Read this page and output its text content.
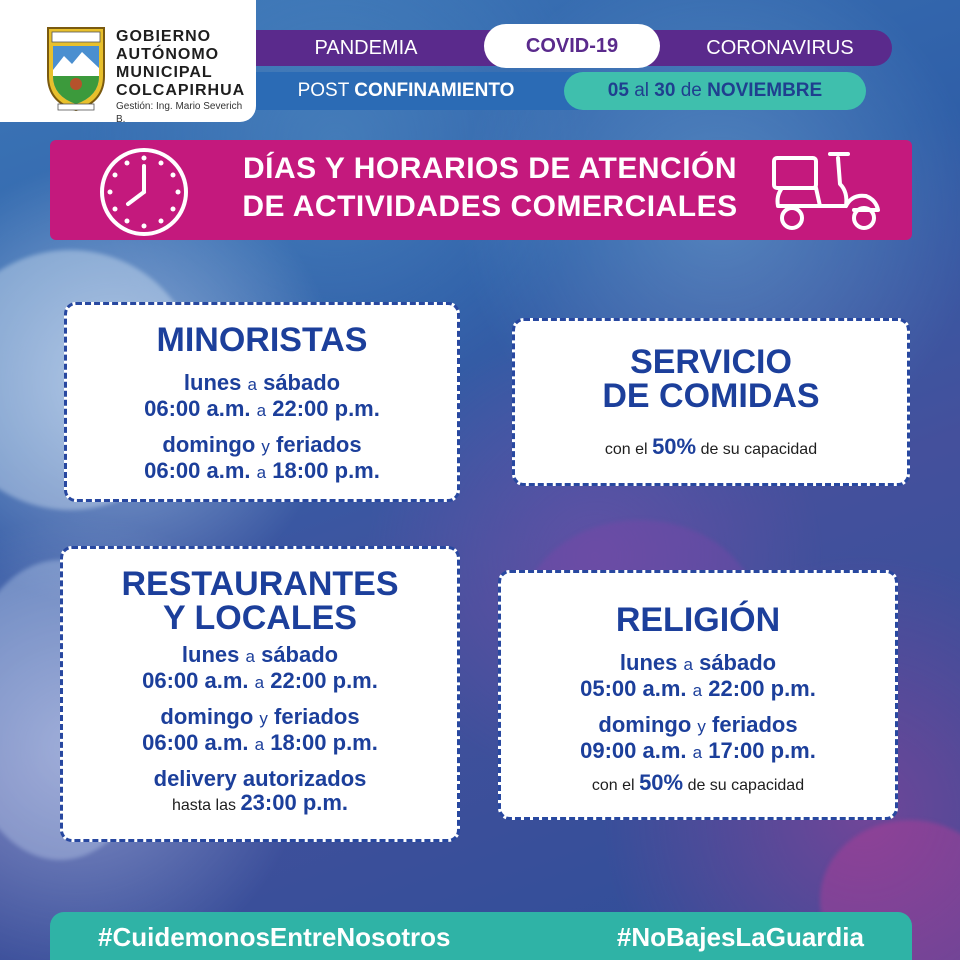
GOBIERNO
AUTÓNOMO
MUNICIPAL
COLCAPIRHUA
Gestión: Ing. Mario Severich B.
PANDEMIA	CORONAVIRUS
COVID-19
POST CONFINAMIENTO	05 al 30 de NOVIEMBRE
DÍAS Y HORARIOS DE ATENCIÓN
DE ACTIVIDADES COMERCIALES
MINORISTAS
lunes a sábado
06:00 a.m. a 22:00 p.m.
domingo y feriados
06:00 a.m. a 18:00 p.m.
SERVICIO
DE COMIDAS
con el 50% de su capacidad
RESTAURANTES
Y LOCALES
lunes a sábado
06:00 a.m. a 22:00 p.m.
domingo y feriados
06:00 a.m. a 18:00 p.m.
delivery autorizados
hasta las 23:00 p.m.
RELIGIÓN
lunes a sábado
05:00 a.m. a 22:00 p.m.
domingo y feriados
09:00 a.m. a 17:00 p.m.
con el 50% de su capacidad
#CuidemonosEntreNosotros	#NoBajesLaGuardia
